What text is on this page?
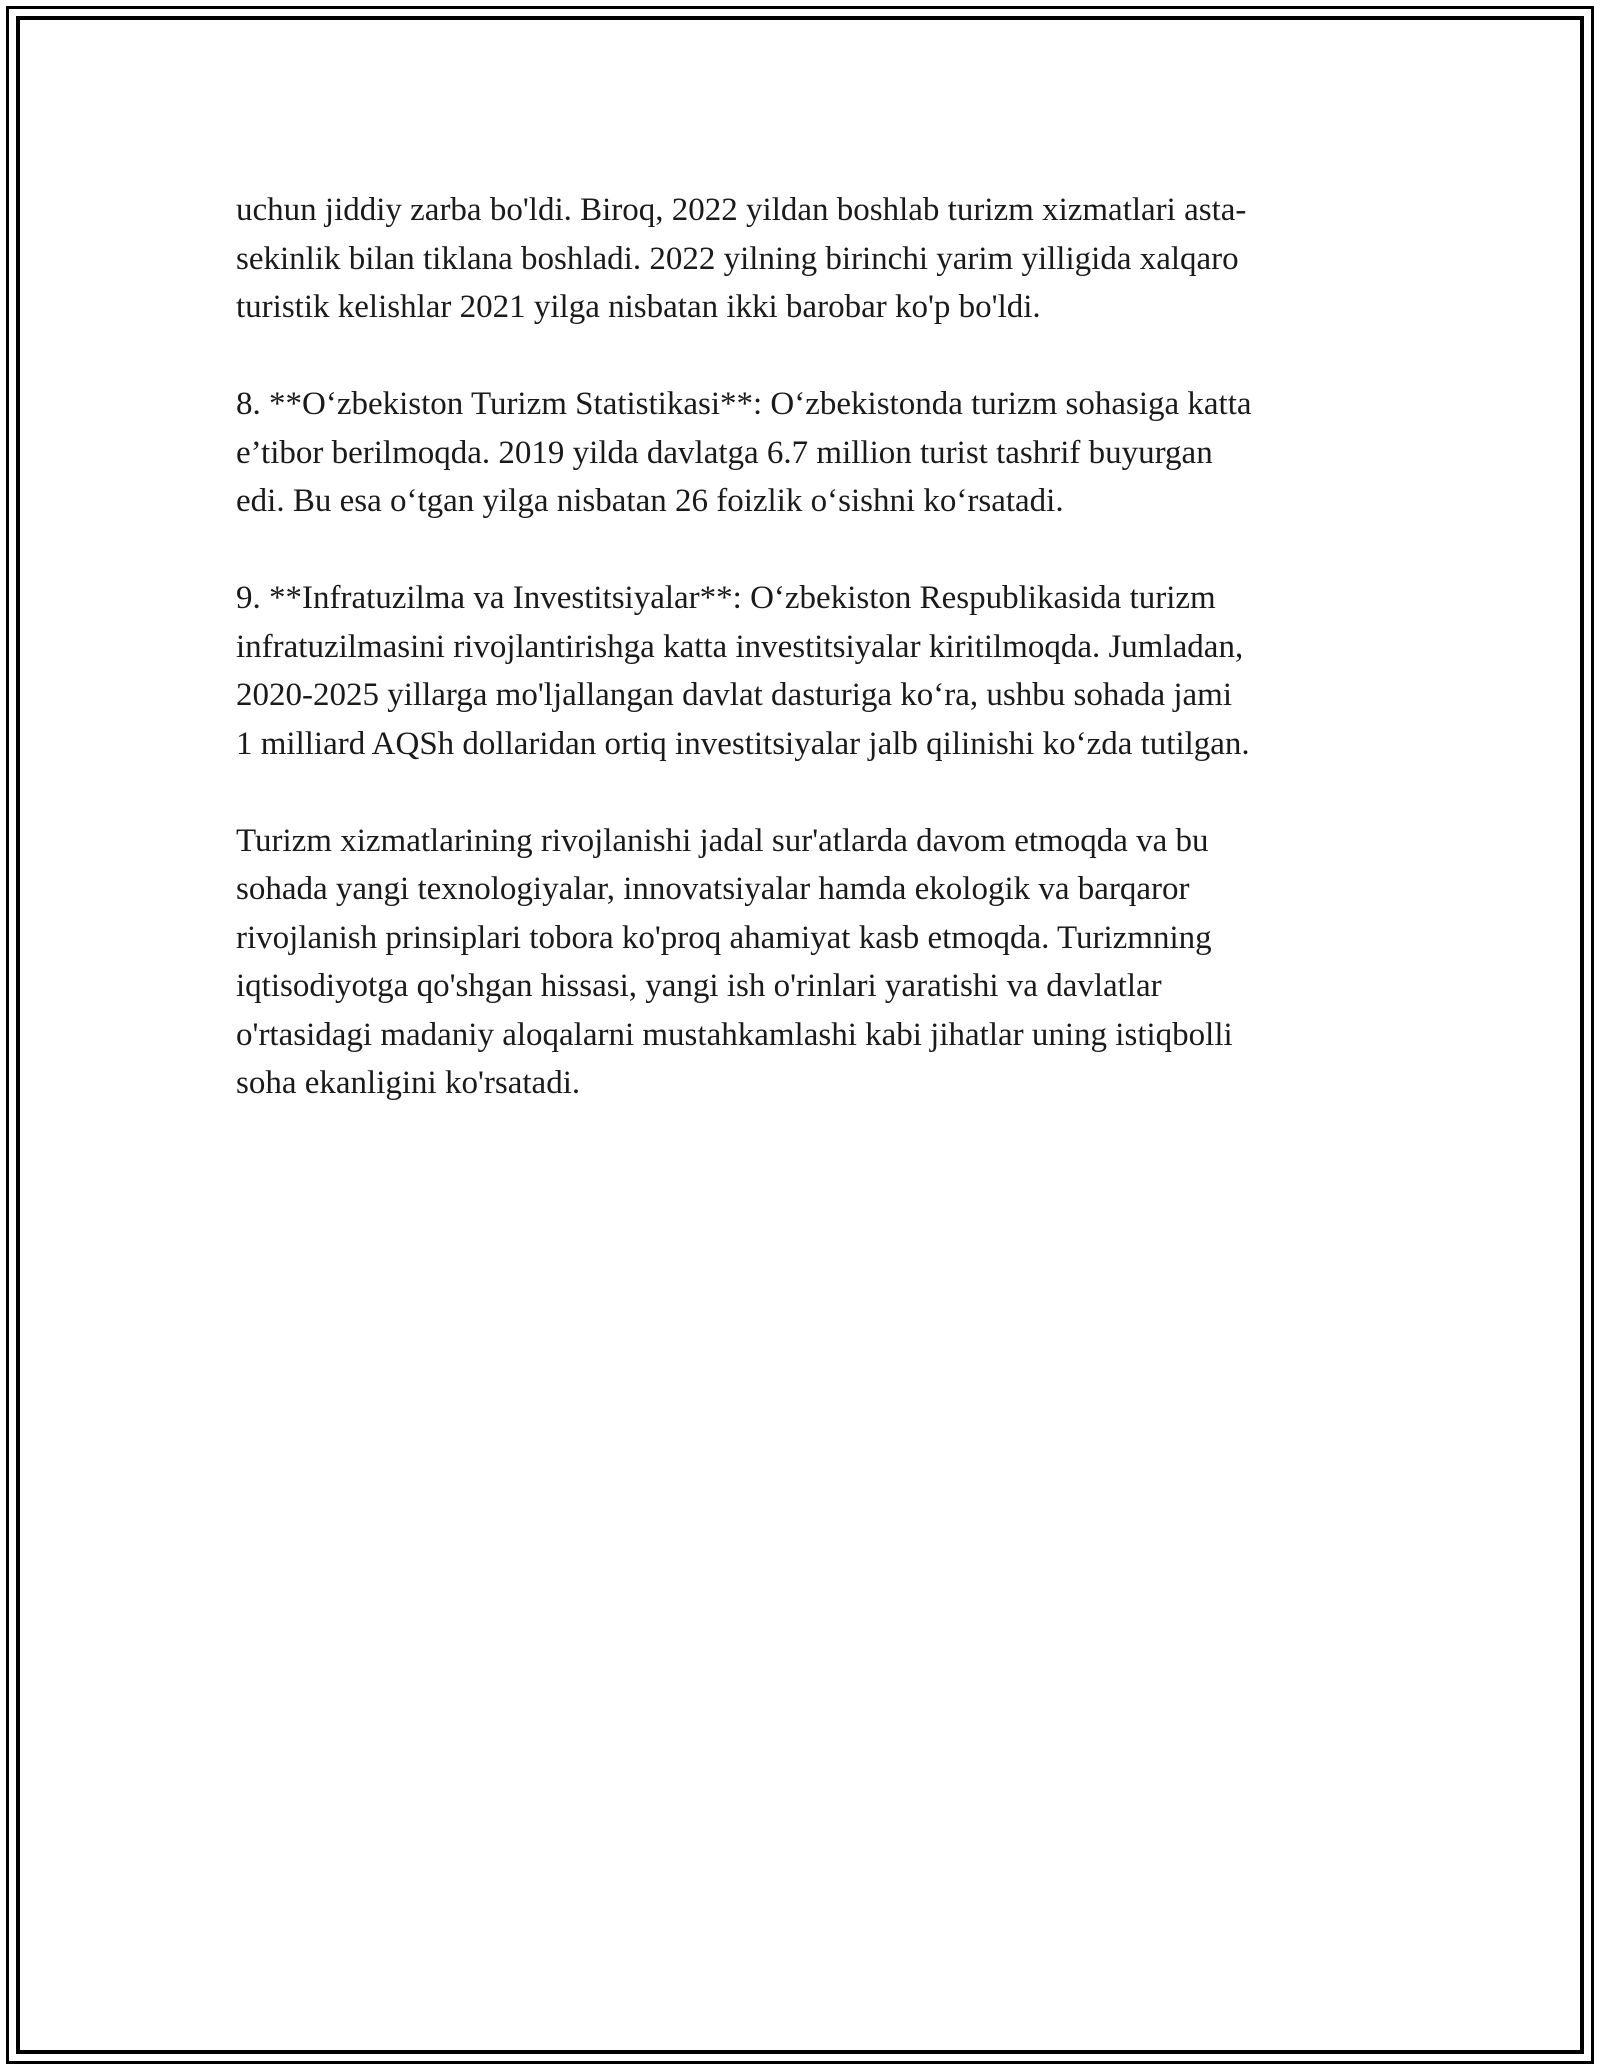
uchun jiddiy zarba bo'ldi. Biroq, 2022 yildan boshlab turizm xizmatlari asta-
sekinlik bilan tiklana boshladi. 2022 yilning birinchi yarim yilligida xalqaro
turistik kelishlar 2021 yilga nisbatan ikki barobar ko'p bo'ldi.

8. **Oʻzbekiston Turizm Statistikasi**: Oʻzbekistonda turizm sohasiga katta
e’tibor berilmoqda. 2019 yilda davlatga 6.7 million turist tashrif buyurgan
edi. Bu esa oʻtgan yilga nisbatan 26 foizlik oʻsishni koʻrsatadi.

9. **Infratuzilma va Investitsiyalar**: Oʻzbekiston Respublikasida turizm
infratuzilmasini rivojlantirishga katta investitsiyalar kiritilmoqda. Jumladan,
2020-2025 yillarga mo'ljallangan davlat dasturiga koʻra, ushbu sohada jami
1 milliard AQSh dollaridan ortiq investitsiyalar jalb qilinishi koʻzda tutilgan.

Turizm xizmatlarining rivojlanishi jadal sur'atlarda davom etmoqda va bu
sohada yangi texnologiyalar, innovatsiyalar hamda ekologik va barqaror
rivojlanish prinsiplari tobora ko'proq ahamiyat kasb etmoqda. Turizmning
iqtisodiyotga qo'shgan hissasi, yangi ish o'rinlari yaratishi va davlatlar
o'rtasidagi madaniy aloqalarni mustahkamlashi kabi jihatlar uning istiqbolli
soha ekanligini ko'rsatadi.
